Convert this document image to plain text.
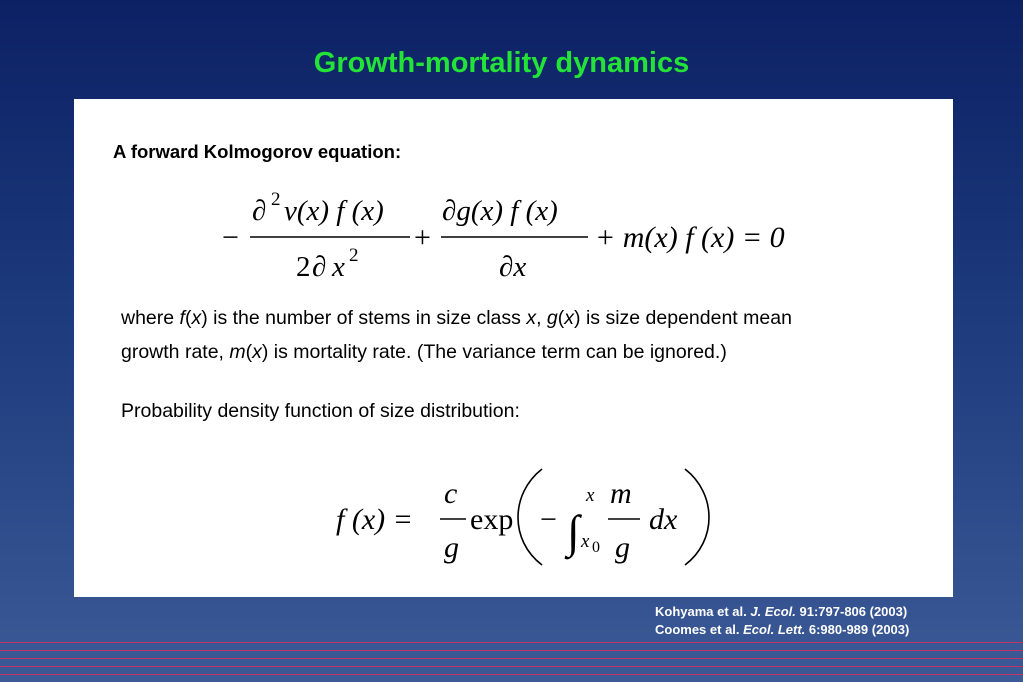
Growth-mortality dynamics
A forward Kolmogorov equation:
−
∂ 2 v(x) f (x)
2 ∂ x 2
+
∂g(x) f (x)
∂x
+ m(x) f (x) = 0
where f(x) is the number of stems in size class x, g(x) is size dependent mean
growth rate, m(x) is mortality rate. (The variance term can be ignored.)
Probability density function of size distribution:
f (x) =
c
g
exp − ∫
x
x 0
m
g
dx
Kohyama et al. J. Ecol. 91:797-806 (2003)
Coomes et al. Ecol. Lett. 6:980-989 (2003)
